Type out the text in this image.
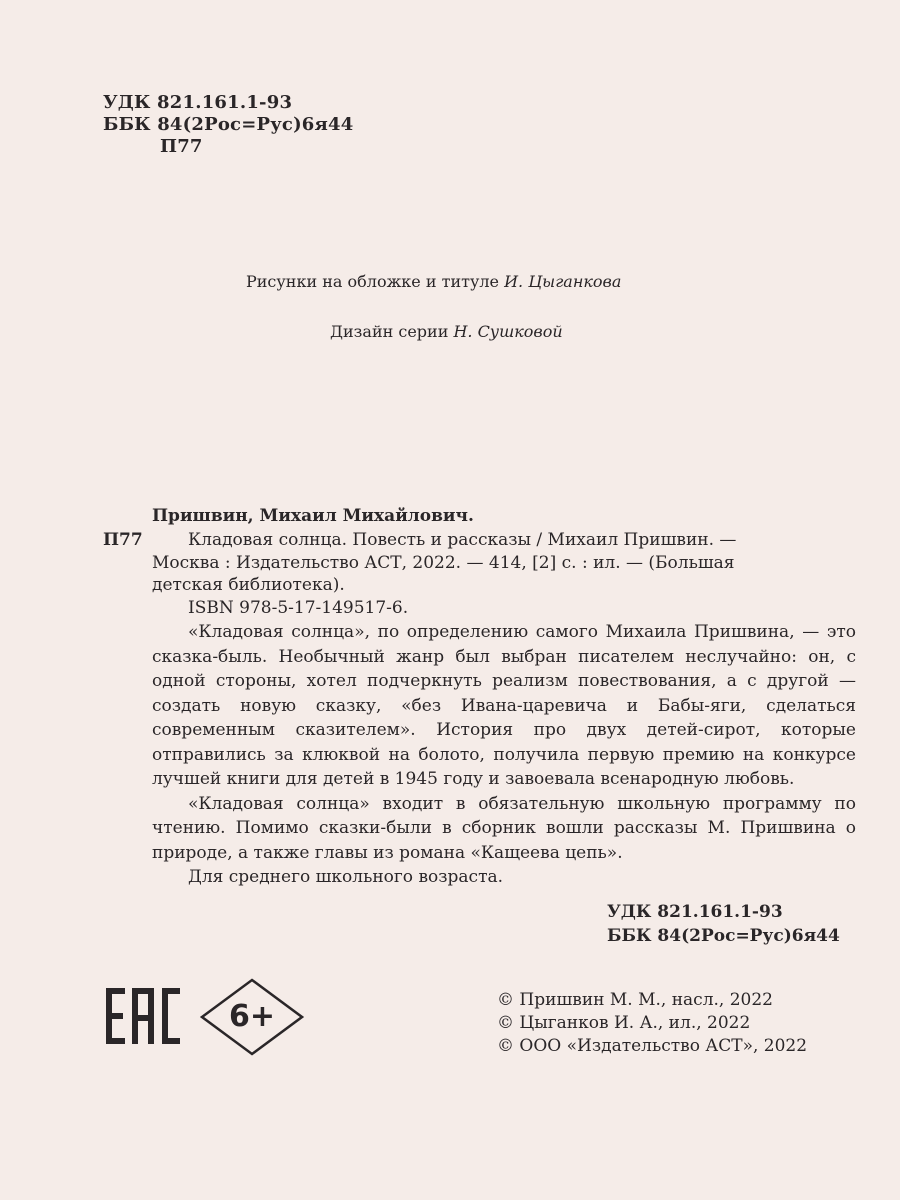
УДК 821.161.1-93
ББК 84(2Рос=Рус)6я44
П77
Рисунки на обложке и титуле И. Цыганкова
Дизайн серии Н. Сушковой
Пришвин, Михаил Михайлович.
П77	Кладовая солнца. Повесть и рассказы / Михаил Пришвин. —
Москва : Издательство АСТ, 2022. — 414, [2] с. : ил. — (Большая
детская библиотека).
ISBN 978-5-17-149517-6.

«Кладовая солнца», по определению самого Михаила Пришвина, — это сказка-быль. Необычный жанр был выбран писателем неслучайно: он, с одной стороны, хотел подчеркнуть реализм повествования, а с другой — создать новую сказку, «без Ивана-царевича и Бабы-яги, сделаться современным сказителем». История про двух детей-сирот, которые отправились за клюквой на болото, получила первую премию на конкурсе лучшей книги для детей в 1945 году и завоевала всенародную любовь.

«Кладовая солнца» входит в обязательную школьную программу по чтению. Помимо сказки-были в сборник вошли рассказы М. Пришвина о природе, а также главы из романа «Кащеева цепь».

Для среднего школьного возраста.

УДК 821.161.1-93
ББК 84(2Рос=Рус)6я44
6+	© Пришвин М. М., насл., 2022
© Цыганков И. А., ил., 2022
© ООО «Издательство АСТ», 2022
